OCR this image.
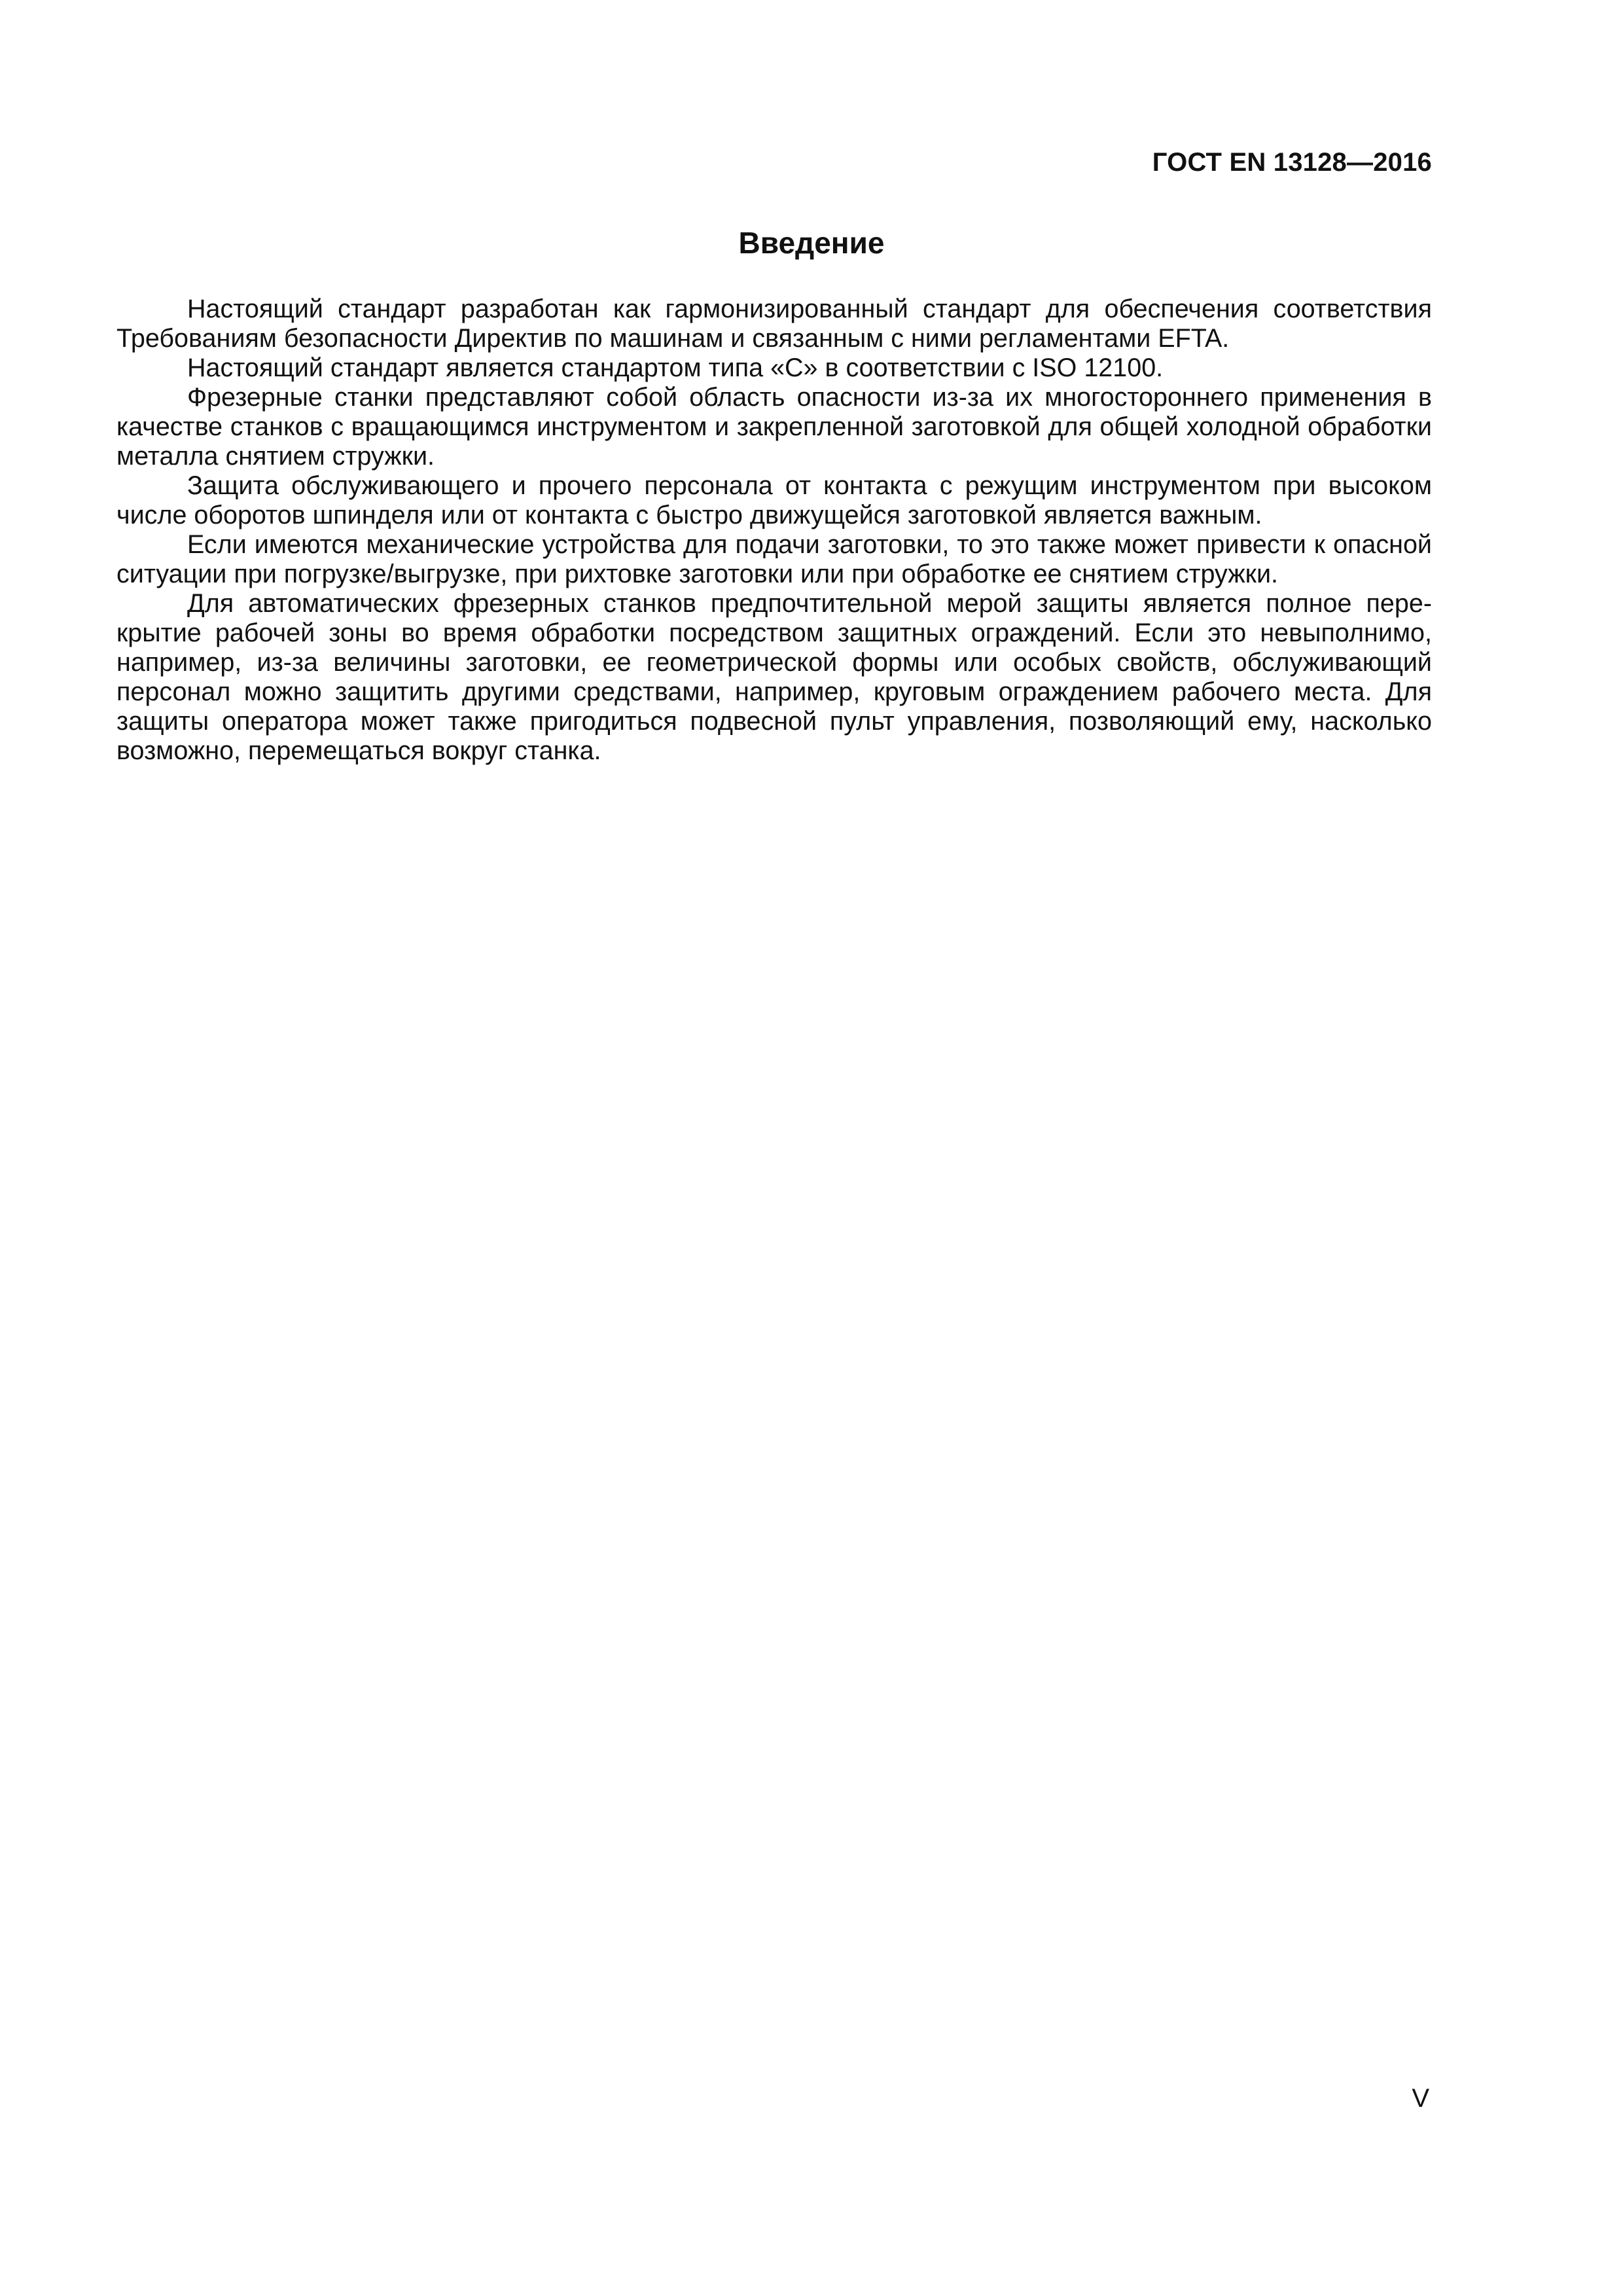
ГОСТ EN 13128—2016
Введение

Настоящий стандарт разработан как гармонизированный стандарт для обеспечения соответствия Требованиям безопасности Директив по машинам и связанным с ними регламентами EFTA.

Настоящий стандарт является стандартом типа «C» в соответствии с ISO 12100.

Фрезерные станки представляют собой область опасности из-за их многостороннего применения в качестве станков с вращающимся инструментом и закрепленной заготовкой для общей холодной обработки металла снятием стружки.

Защита обслуживающего и прочего персонала от контакта с режущим инструментом при высоком числе оборотов шпинделя или от контакта с быстро движущейся заготовкой является важным.

Если имеются механические устройства для подачи заготовки, то это также может привести к опасной ситуации при погрузке/выгрузке, при рихтовке заготовки или при обработке ее снятием стружки.

Для автоматических фрезерных станков предпочтительной мерой защиты является полное перекрытие рабочей зоны во время обработки посредством защитных ограждений. Если это невыполнимо, например, из-за величины заготовки, ее геометрической формы или особых свойств, обслуживающий персонал можно защитить другими средствами, например, круговым ограждением рабочего места. Для защиты оператора может также пригодиться подвесной пульт управления, позволяющий ему, насколько возможно, перемещаться вокруг станка.

V
